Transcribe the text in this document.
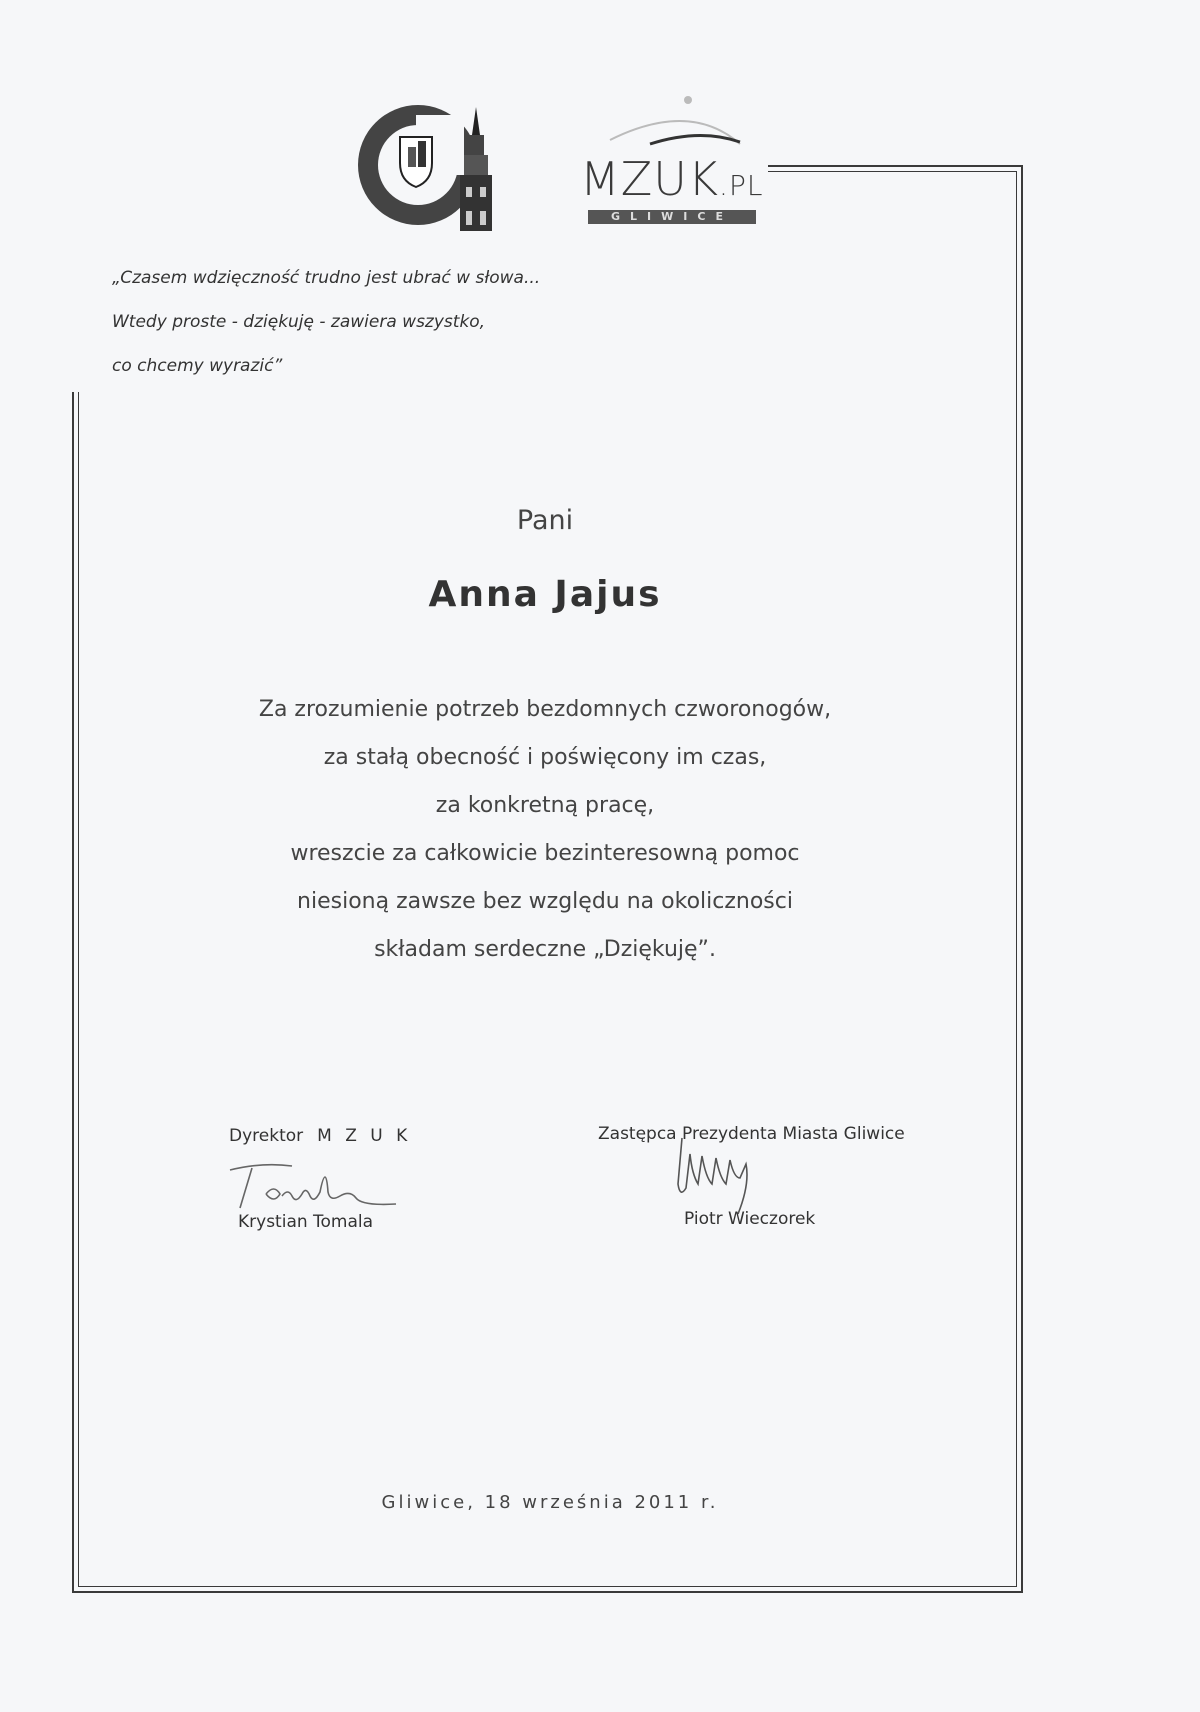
MZUK.PL
GLIWICE
„Czasem wdzięczność trudno jest ubrać w słowa...
Wtedy proste - dziękuję - zawiera wszystko,
co chcemy wyrazić”
Pani
Anna Jajus
Za zrozumienie potrzeb bezdomnych czworonogów,
za stałą obecność i poświęcony im czas,
za konkretną pracę,
wreszcie za całkowicie bezinteresowną pomoc
niesioną zawsze bez względu na okoliczności
składam serdeczne „Dziękuję”.
Dyrektor M Z U K
Krystian Tomala
Zastępca Prezydenta Miasta Gliwice
Piotr Wieczorek
Gliwice, 18 września 2011 r.
